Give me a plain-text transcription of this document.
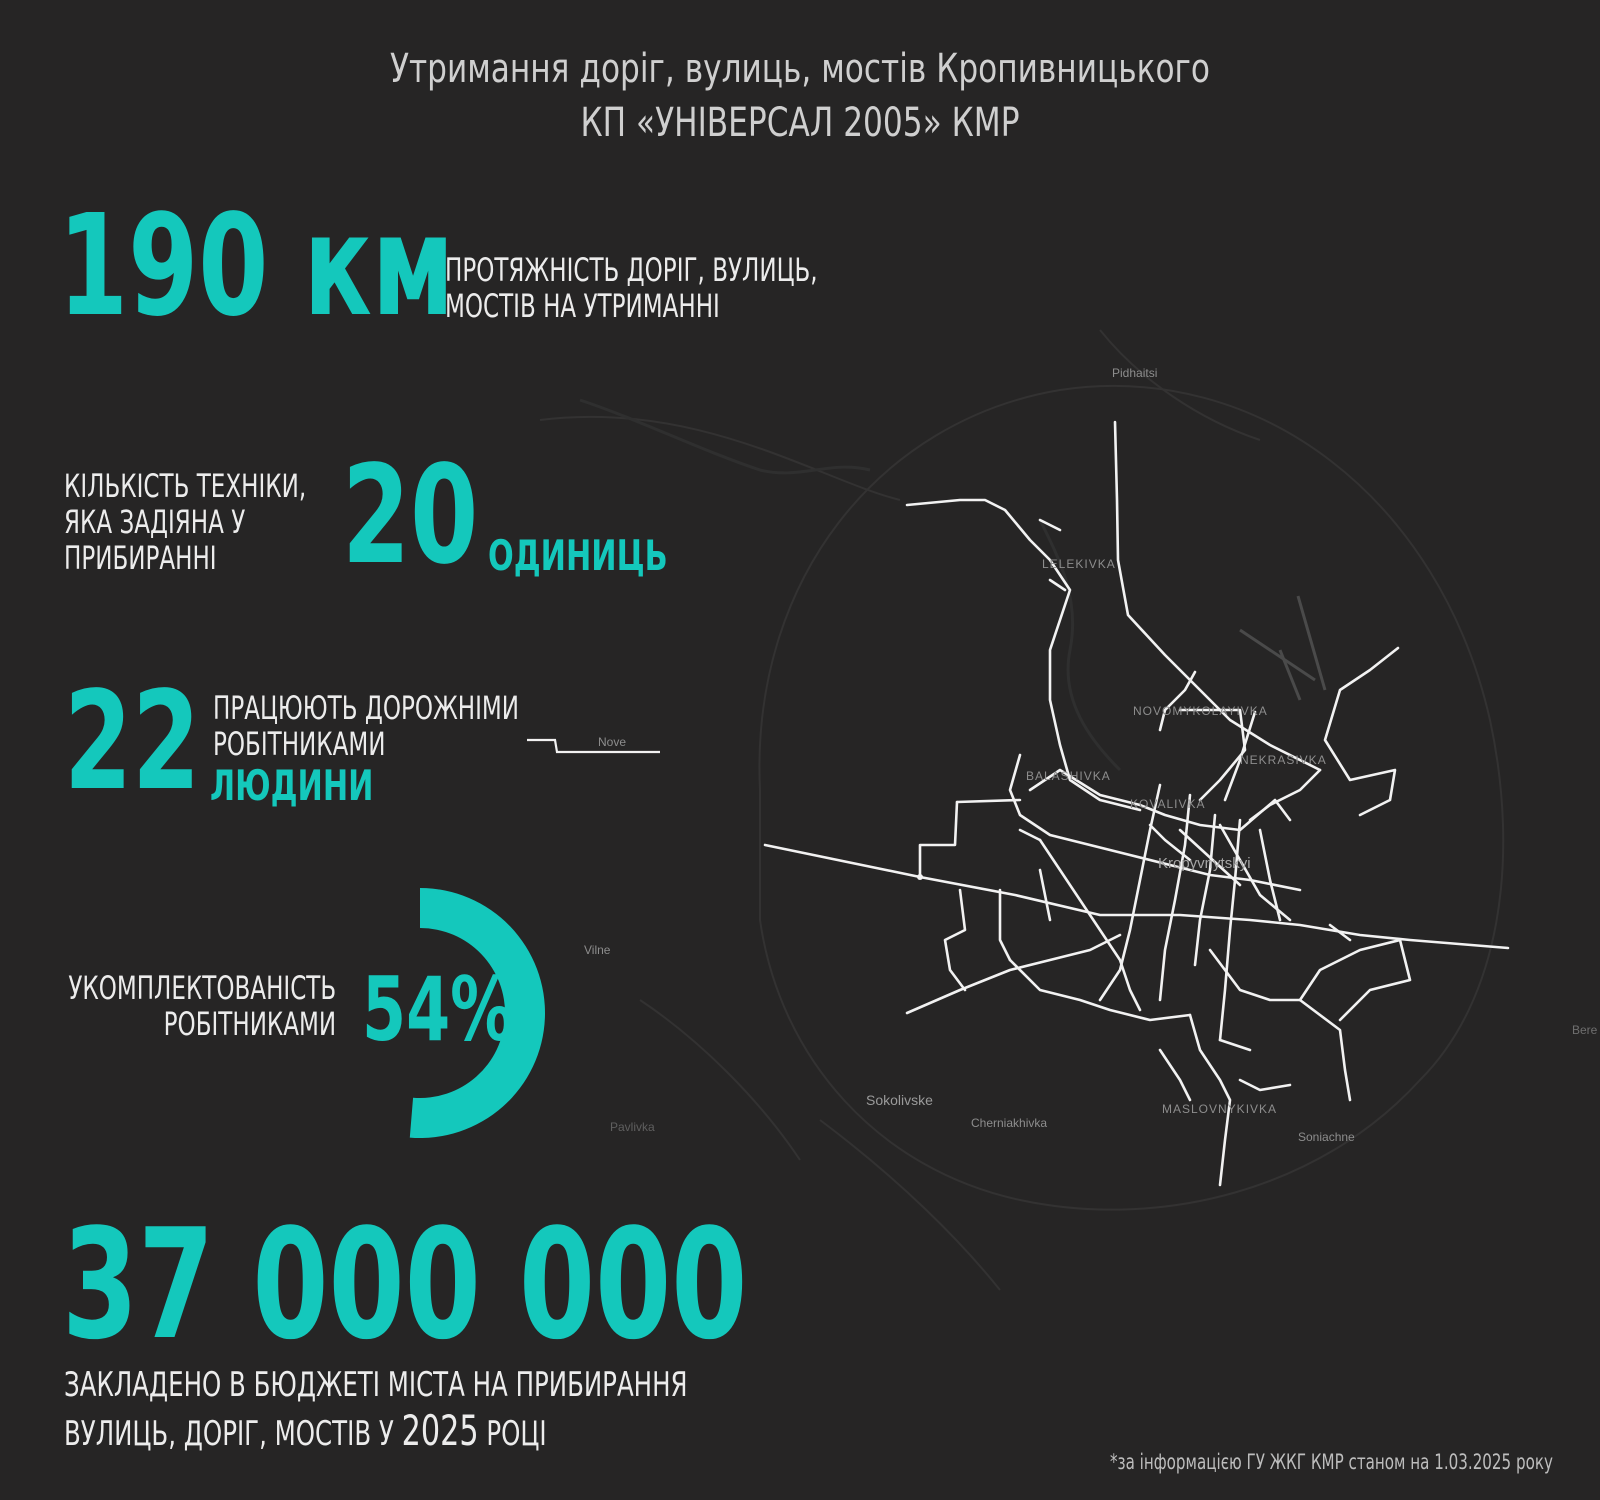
Pidhaitsi
LELEKIVKA
NOVOMYKOLAYIVKA
NEKRASIVKA
BALASHIVKA
KOVALIVKA
Kropyvnytskyi
Nove
Vilne
Sokolivske
Cherniakhivka
MASLOVNYKIVKA
Soniachne
Pavlivka
Bere
Утримання доріг, вулиць, мостів Кропивницького
КП «УНІВЕРСАЛ 2005» КМР
190 км
ПРОТЯЖНІСТЬ ДОРІГ, ВУЛИЦЬ,
МОСТІВ НА УТРИМАННІ
КІЛЬКІСТЬ ТЕХНІКИ,
ЯКА ЗАДІЯНА У
ПРИБИРАННІ 20 ОДИНИЦЬ
22 ПРАЦЮЮТЬ ДОРОЖНІМИ
РОБІТНИКАМИ
ЛЮДИНИ
УКОМПЛЕКТОВАНІСТЬ
РОБІТНИКАМИ 54%
37 000 000
ЗАКЛАДЕНО В БЮДЖЕТІ МІСТА НА ПРИБИРАННЯ
ВУЛИЦЬ, ДОРІГ, МОСТІВ У 2025 РОЦІ
*за інформацією ГУ ЖКГ КМР станом на 1.03.2025 року
